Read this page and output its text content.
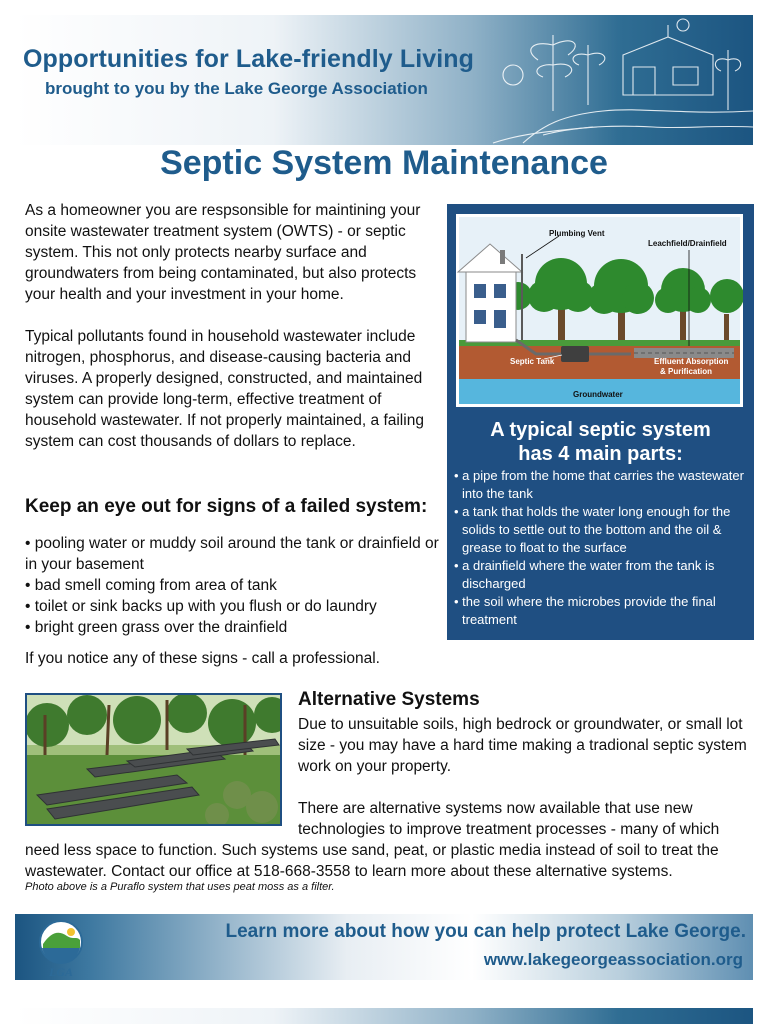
Opportunities for Lake-friendly Living

brought to you by the Lake George Association

Septic System Maintenance

As a homeowner you are respsonsible for maintining your onsite wastewater treatment system (OWTS) - or septic system. This not only protects nearby surface and groundwaters from being contaminated, but also protects your health and your investment in your home.

Typical pollutants found in household wastewater include nitrogen, phosphorus, and disease-causing bacteria and viruses. A properly designed, constructed, and maintained system can provide long-term, effective treatment of household wastewater. If not properly maintained, a failing system can cost thousands of dollars to replace.

Keep an eye out for signs of a failed system:
• pooling water or muddy soil around the tank or drainfield or in your basement
• bad smell coming from area of tank
• toilet or sink backs up with you flush or do laundry
• bright green grass over the drainfield

If you notice any of these signs - call a professional.

Plumbing Vent
Leachfield/Drainfield
Septic Tank	Effluent Absorption
& Purification
Groundwater
A typical septic system
has 4 main parts:
• a pipe from the home that carries the wastewater into the tank
• a tank that holds the water long enough for the solids to settle out to the bottom and the oil & grease to float to the surface
• a drainfield where the water from the tank is discharged
• the soil where the microbes provide the final treatment
Alternative Systems

Due to unsuitable soils, high bedrock or groundwater, or small lot size - you may have a hard time making a tradional septic system work on your property.

There are alternative systems now available that use new technologies to improve treatment processes - many of which

need less space to function. Such systems use sand, peat, or plastic media instead of soil to treat the wastewater. Contact our office at 518-668-3558 to learn more about these alternative systems.

Photo above is a Puraflo system that uses peat moss as a filter.

LGA

Learn more about how you can help protect Lake George.

www.lakegeorgeassociation.org
